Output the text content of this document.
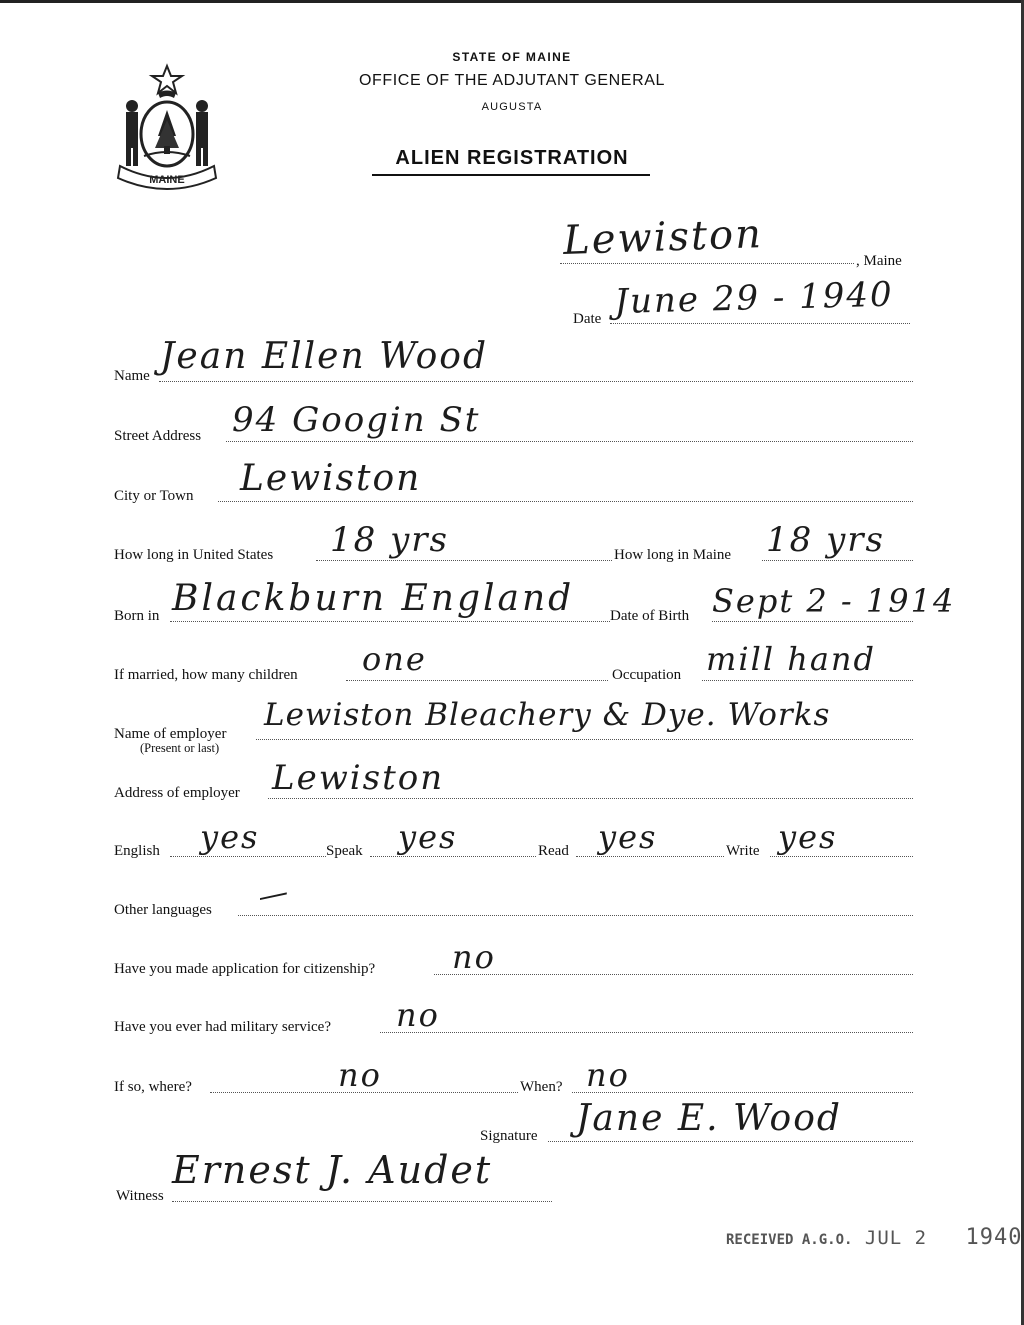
MAINE
STATE OF MAINE
OFFICE OF THE ADJUTANT GENERAL
AUGUSTA
ALIEN REGISTRATION
Lewiston	, Maine
Date June 29 - 1940
Name Jean Ellen Wood
Street Address 94 Googin St
City or Town Lewiston
How long in United States 18 yrs	How long in Maine 18 yrs
Born in Blackburn England Date of Birth Sept 2 - 1914
If married, how many children one	Occupation mill hand
Name of employer
(Present or last)
Lewiston Bleachery & Dye. Works
Address of employer Lewiston
English yes	Speak yes	Read yes	Write yes
Other languages —
Have you made application for citizenship? no
Have you ever had military service? no
If so, where?	no	When? no
Signature Jane E. Wood
Witness
Ernest J. Audet
RECEIVED A.G.O. JUL 2 1940
